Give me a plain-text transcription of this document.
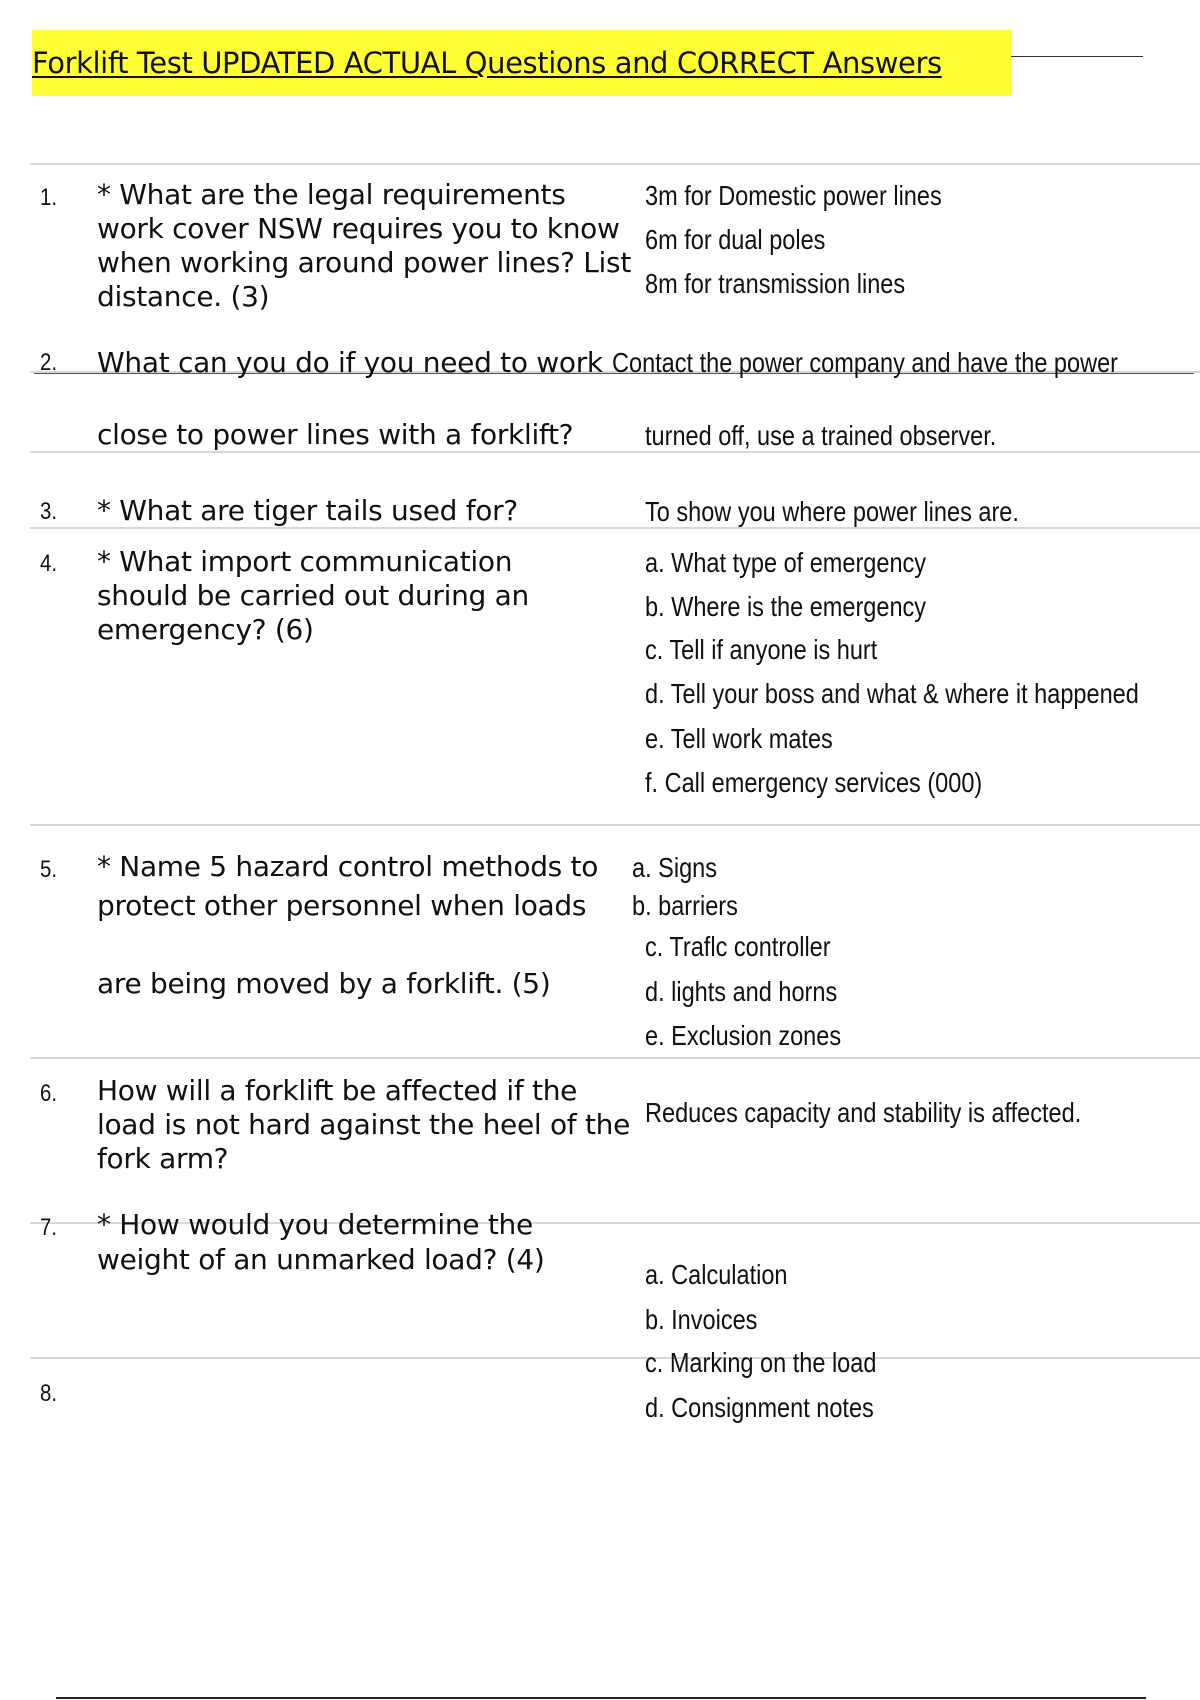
Forklift Test UPDATED ACTUAL Questions and CORRECT Answers
1. * What are the legal requirements work cover NSW requires you to know when working around power lines? List distance. (3)
3m for Domestic power lines
6m for dual poles
8m for transmission lines
2. What can you do if you need to work
close to power lines with a forklift?
Contact the power company and have the power
turned off, use a trained observer.
3. * What are tiger tails used for?	To show you where power lines are.
4. * What import communication should be carried out during an emergency? (6)
a. What type of emergency
b. Where is the emergency
c. Tell if anyone is hurt
d. Tell your boss and what & where it happened
e. Tell work mates
f. Call emergency services (000)
5. * Name 5 hazard control methods to
protect other personnel when loads
are being moved by a forklift. (5)
a. Signs
b. barriers
c. Traflc controller
d. lights and horns
e. Exclusion zones
6. How will a forklift be affected if the load is not hard against the heel of the fork arm?
Reduces capacity and stability is affected.
7. * How would you determine the
weight of an unmarked load? (4)	a. Calculation
b. Invoices
c. Marking on the load
d. Consignment notes
8.
